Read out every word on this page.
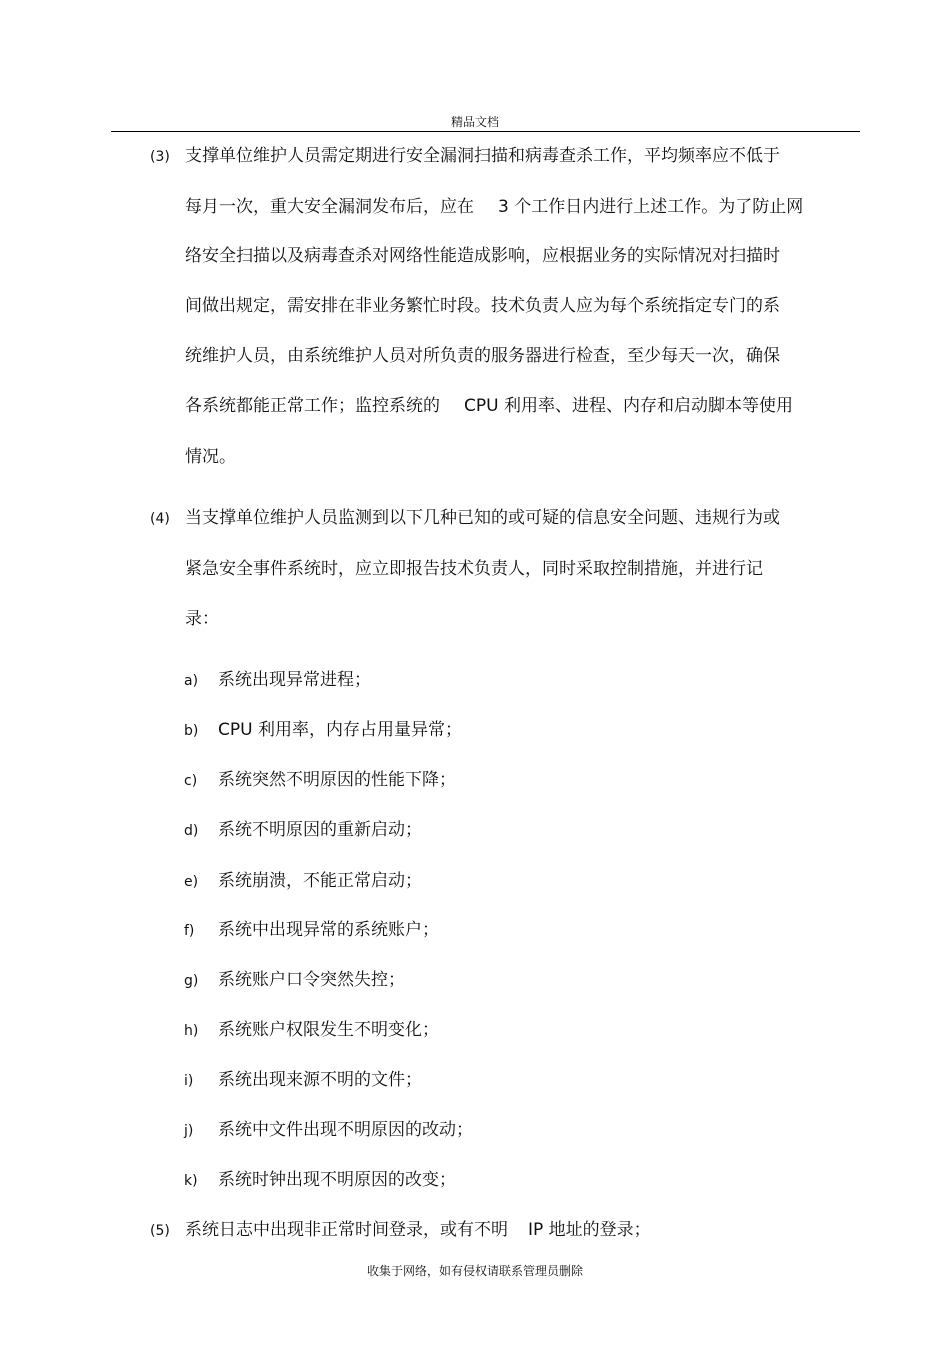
精品文档
(3) 支撑单位维护人员需定期进行安全漏洞扫描和病毒查杀工作，平均频率应不低于
每月一次，重大安全漏洞发布后，应在 3 个工作日内进行上述工作。为了防止网
络安全扫描以及病毒查杀对网络性能造成影响，应根据业务的实际情况对扫描时
间做出规定，需安排在非业务繁忙时段。技术负责人应为每个系统指定专门的系
统维护人员，由系统维护人员对所负责的服务器进行检查，至少每天一次，确保
各系统都能正常工作；监控系统的 CPU 利用率、进程、内存和启动脚本等使用
情况。
(4) 当支撑单位维护人员监测到以下几种已知的或可疑的信息安全问题、违规行为或
紧急安全事件系统时，应立即报告技术负责人，同时采取控制措施，并进行记
录：
a) 系统出现异常进程；
b) CPU 利用率，内存占用量异常；
c) 系统突然不明原因的性能下降；
d) 系统不明原因的重新启动；
e) 系统崩溃，不能正常启动；
f) 系统中出现异常的系统账户；
g) 系统账户口令突然失控；
h) 系统账户权限发生不明变化；
i) 系统出现来源不明的文件；
j) 系统中文件出现不明原因的改动；
k) 系统时钟出现不明原因的改变；
(5) 系统日志中出现非正常时间登录，或有不明 IP 地址的登录；
收集于网络，如有侵权请联系管理员删除
